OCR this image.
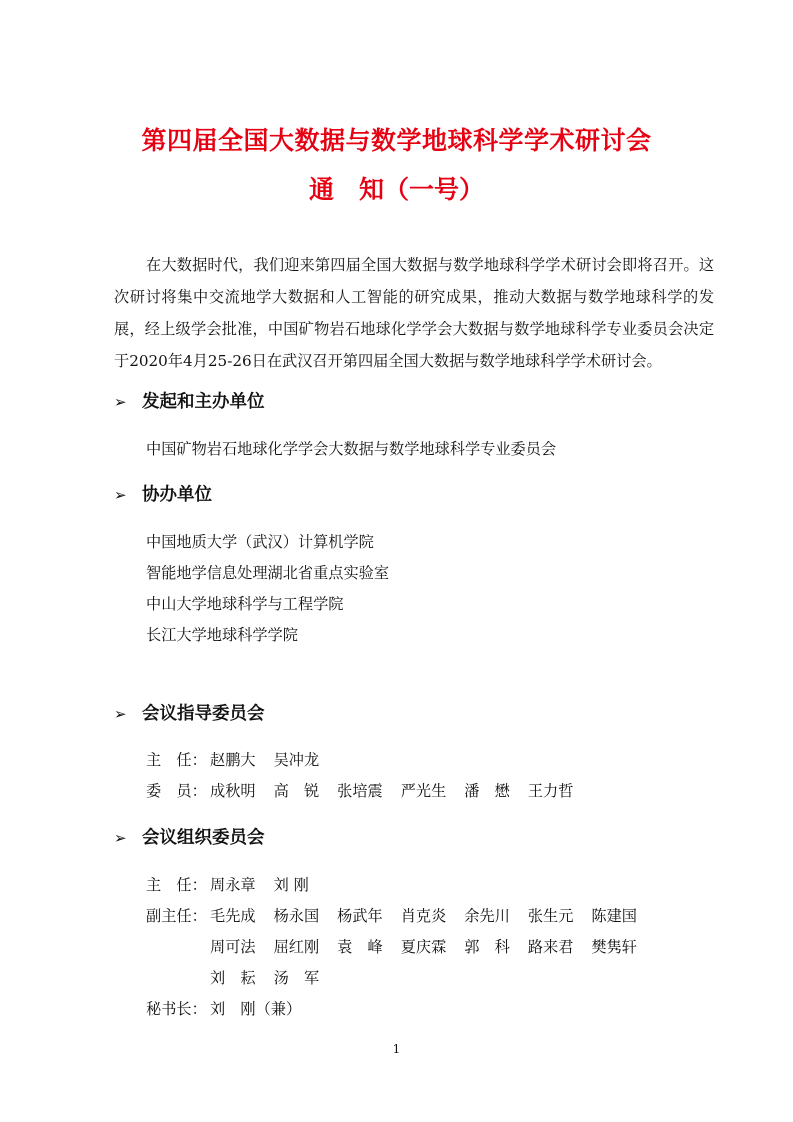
第四届全国大数据与数学地球科学学术研讨会
通　知（一号）

在大数据时代，我们迎来第四届全国大数据与数学地球科学学术研讨会即将召开。这次研讨将集中交流地学大数据和人工智能的研究成果，推动大数据与数学地球科学的发展，经上级学会批准，中国矿物岩石地球化学学会大数据与数学地球科学专业委员会决定于2020年4月25-26日在武汉召开第四届全国大数据与数学地球科学学术研讨会。

➢ 发起和主办单位
中国矿物岩石地球化学学会大数据与数学地球科学专业委员会
➢ 协办单位
中国地质大学（武汉）计算机学院
智能地学信息处理湖北省重点实验室
中山大学地球科学与工程学院
长江大学地球科学学院
➢ 会议指导委员会
主　任： 赵鹏大 吴冲龙
委　员： 成秋明 高　锐 张培震 严光生 潘　懋 王力哲
➢ 会议组织委员会
主　任： 周永章 刘 刚
副主任： 毛先成 杨永国 杨武年 肖克炎 余先川 张生元 陈建国
周可法 屈红刚 袁　峰 夏庆霖 郭　科 路来君 樊隽轩
刘　耘 汤　军
秘书长： 刘　刚（兼）
1
